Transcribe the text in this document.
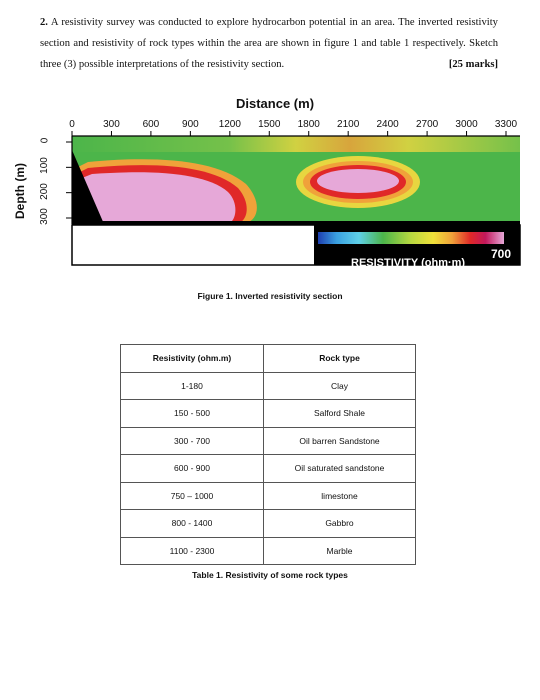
2. A resistivity survey was conducted to explore hydrocarbon potential in an area. The inverted resistivity section and resistivity of rock types within the area are shown in figure 1 and table 1 respectively. Sketch three (3) possible interpretations of the resistivity section.	[25 marks]
Distance (m)
0	300 600 900 1200 1500 1800 2100 2400 2700 3000 3300
0
100
200
300
Depth (m)
0
RESISTIVITY (ohm·m)
700
Figure 1. Inverted resistivity section
Resistivity (ohm.m)	Rock type
1-180	Clay
150 - 500	Salford Shale
300 - 700	Oil barren Sandstone
600 - 900	Oil saturated sandstone
750 – 1000	limestone
800 - 1400	Gabbro
1100 - 2300	Marble
Table 1. Resistivity of some rock types
